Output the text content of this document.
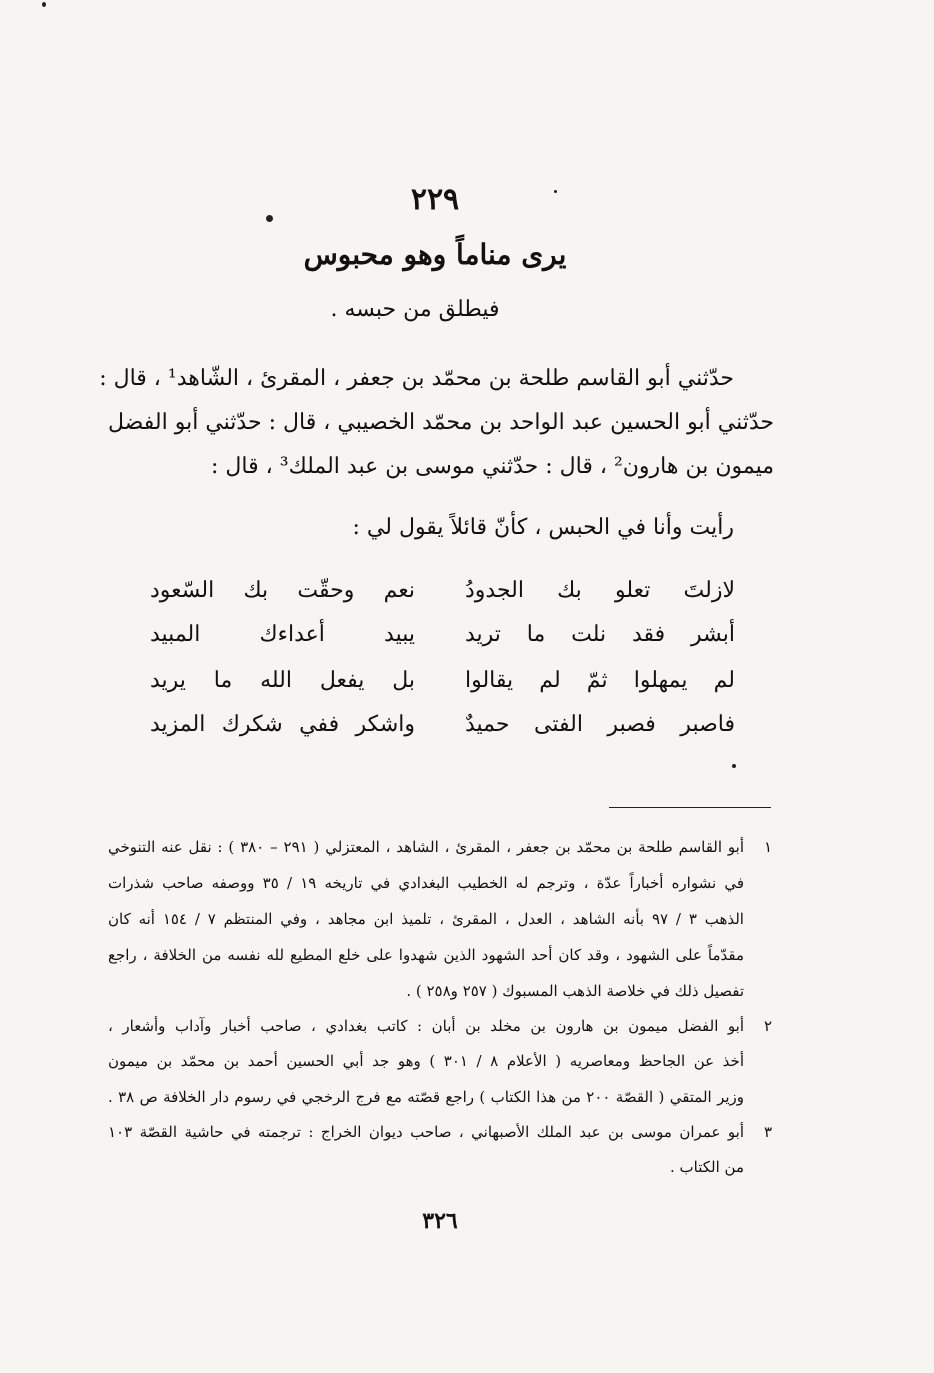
٢٢٩
يرى مناماً وهو محبوس
فيطلق من حبسه .
حدّثني أبو القاسم طلحة بن محمّد بن جعفر ، المقرئ ، الشّاهد¹ ، قال :
حدّثني أبو الحسين عبد الواحد بن محمّد الخصيبي ، قال : حدّثني أبو الفضل
ميمون بن هارون² ، قال : حدّثني موسى بن عبد الملك³ ، قال :
رأيت وأنا في الحبس ، كأنّ قائلاً يقول لي :
لازلتَ تعلو بك الجدودُ
نعم وحقّت بك السّعود
أبشر فقد نلت ما تريد
يبيد أعداءك المبيد
لم يمهلوا ثمّ لم يقالوا
بل يفعل الله ما يريد
فاصبر فصبر الفتى حميدٌ
واشكر ففي شكرك المزيد
١
أبو القاسم طلحة بن محمّد بن جعفر ، المقرئ ، الشاهد ، المعتزلي ( ٢٩١ – ٣٨٠ ) : نقل عنه التنوخي
في نشواره أخباراً عدّة ، وترجم له الخطيب البغدادي في تاريخه ١٩ / ٣٥ ووصفه صاحب شذرات
الذهب ٣ / ٩٧ بأنه الشاهد ، العدل ، المقرئ ، تلميذ ابن مجاهد ، وفي المنتظم ٧ / ١٥٤ أنه كان
مقدّماً على الشهود ، وقد كان أحد الشهود الذين شهدوا على خلع المطيع لله نفسه من الخلافة ، راجع
تفصيل ذلك في خلاصة الذهب المسبوك ( ٢٥٧ و٢٥٨ ) .
٢
أبو الفضل ميمون بن هارون بن مخلد بن أبان : كاتب بغدادي ، صاحب أخبار وآداب وأشعار ،
أخذ عن الجاحظ ومعاصريه ( الأعلام ٨ / ٣٠١ ) وهو جد أبي الحسين أحمد بن محمّد بن ميمون
وزير المتقي ( القصّة ٢٠٠ من هذا الكتاب ) راجع قصّته مع فرج الرخجي في رسوم دار الخلافة ص ٣٨ .
٣
أبو عمران موسى بن عبد الملك الأصبهاني ، صاحب ديوان الخراج : ترجمته في حاشية القصّة ١٠٣
من الكتاب .
٣٢٦
